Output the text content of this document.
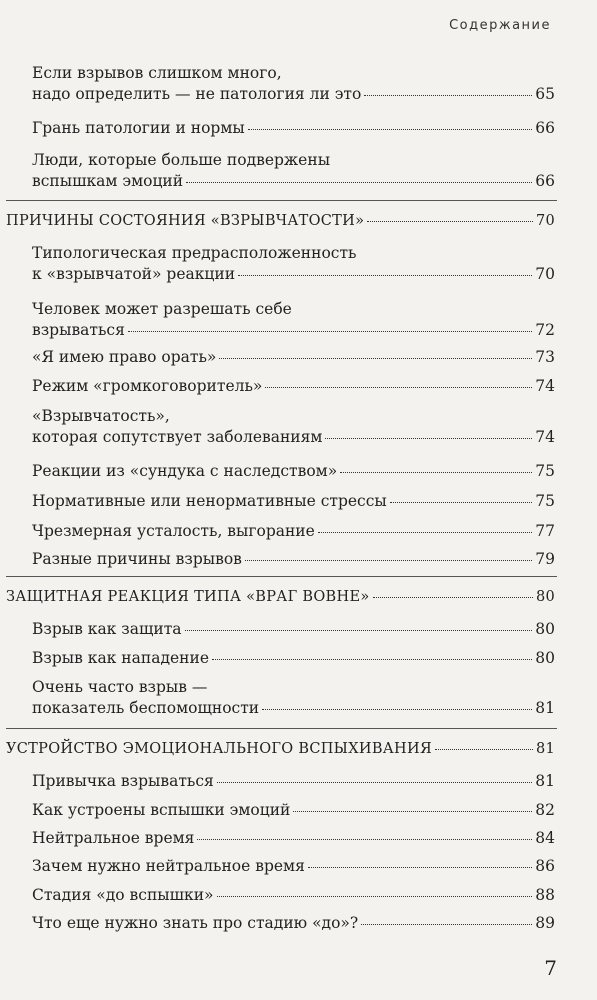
Содержание
Если взрывов слишком много,
надо определить — не патология ли это	65
Грань патологии и нормы	66
Люди, которые больше подвержены
вспышкам эмоций	66
ПРИЧИНЫ СОСТОЯНИЯ «ВЗРЫВЧАТОСТИ»	70
Типологическая предрасположенность
к «взрывчатой» реакции	70
Человек может разрешать себе
взрываться	72
«Я имею право орать»	73
Режим «громкоговоритель»	74
«Взрывчатость»,
которая сопутствует заболеваниям	74
Реакции из «сундука с наследством»	75
Нормативные или ненормативные стрессы	75
Чрезмерная усталость, выгорание	77
Разные причины взрывов	79
ЗАЩИТНАЯ РЕАКЦИЯ ТИПА «ВРАГ ВОВНЕ»	80
Взрыв как защита	80
Взрыв как нападение	80
Очень часто взрыв —
показатель беспомощности	81
УСТРОЙСТВО ЭМОЦИОНАЛЬНОГО ВСПЫХИВАНИЯ	81
Привычка взрываться	81
Как устроены вспышки эмоций	82
Нейтральное время	84
Зачем нужно нейтральное время	86
Стадия «до вспышки»	88
Что еще нужно знать про стадию «до»?	89
7
